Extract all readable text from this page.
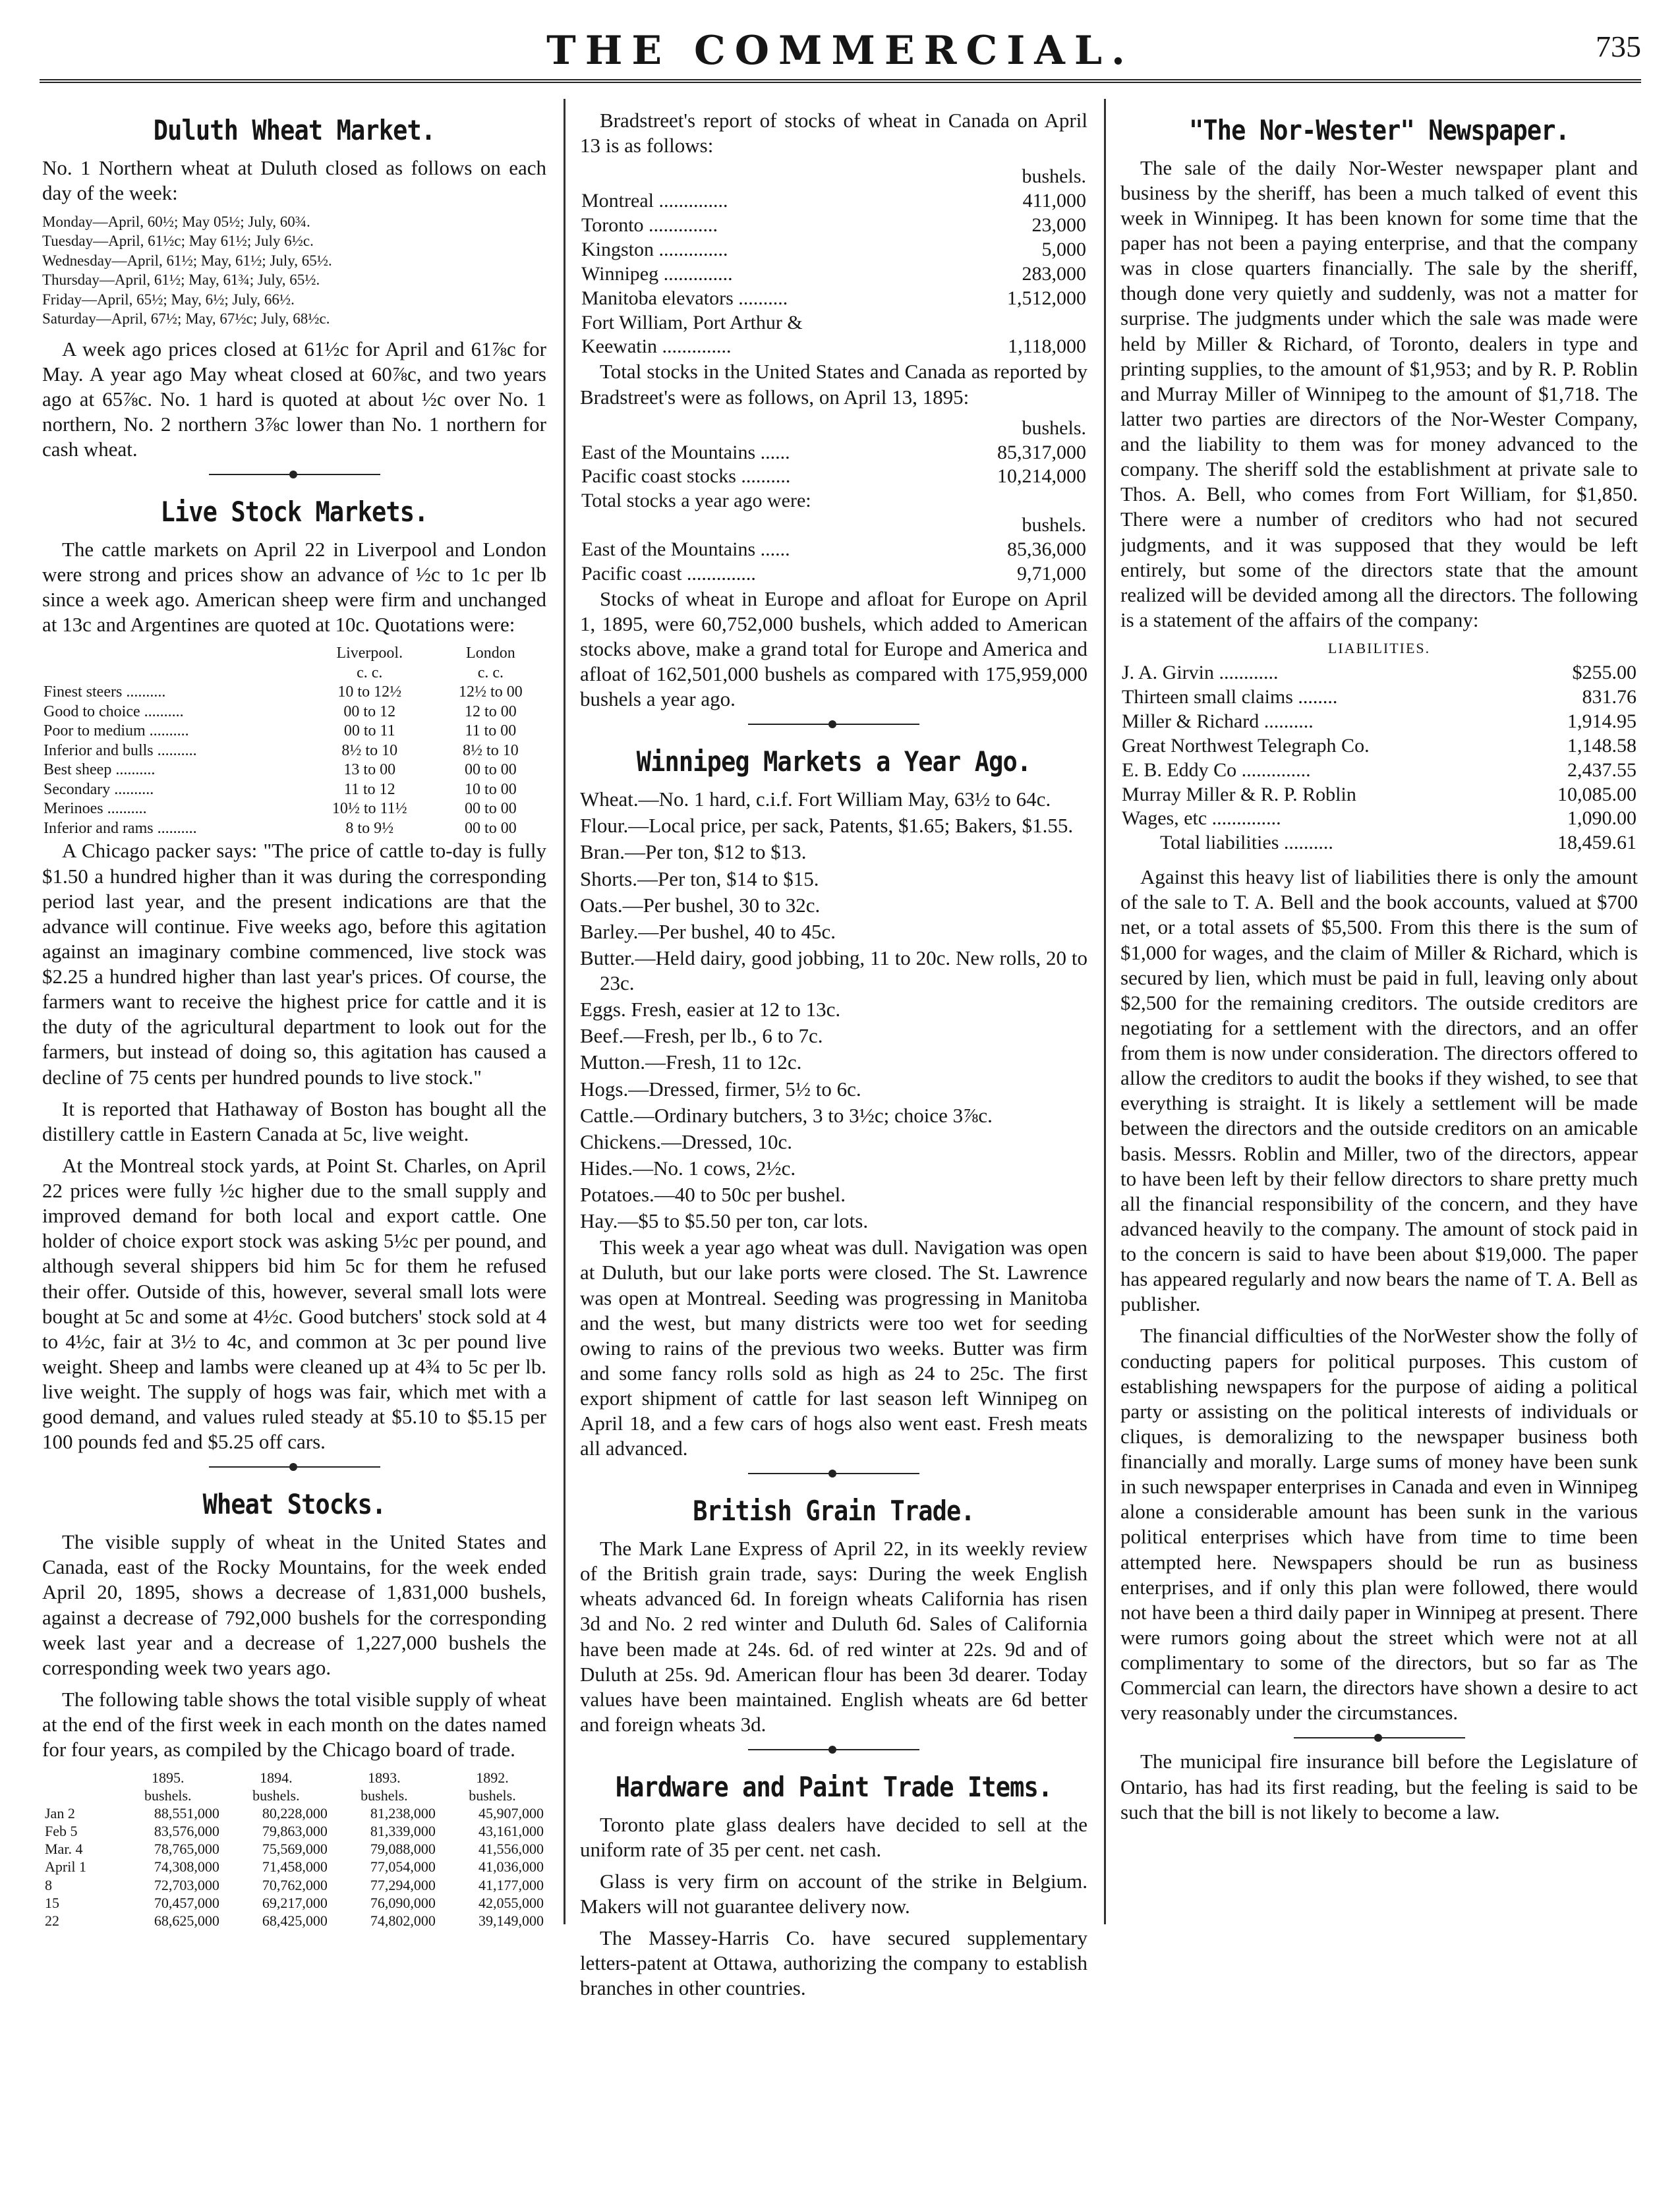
THE COMMERCIAL.	735
Duluth Wheat Market.

No. 1 Northern wheat at Duluth closed as follows on each day of the week:

Monday—April, 60½; May 05½; July, 60¾.
Tuesday—April, 61½c; May 61½; July 6½c.
Wednesday—April, 61½; May, 61½; July, 65½.
Thursday—April, 61½; May, 61¾; July, 65½.
Friday—April, 65½; May, 6½; July, 66½.
Saturday—April, 67½; May, 67½c; July, 68½c.

A week ago prices closed at 61½c for April and 61⅞c for May. A year ago May wheat closed at 60⅞c, and two years ago at 65⅞c. No. 1 hard is quoted at about ½c over No. 1 northern, No. 2 northern 3⅞c lower than No. 1 northern for cash wheat.

Live Stock Markets.

The cattle markets on April 22 in Liverpool and London were strong and prices show an advance of ½c to 1c per lb since a week ago. American sheep were firm and unchanged at 13c and Argentines are quoted at 10c. Quotations were:

	Liverpool.	London
	c. c.	c. c.
Finest steers ..........	10 to 12½	12½ to 00
Good to choice ..........	00 to 12	12 to 00
Poor to medium ..........	00 to 11	11 to 00
Inferior and bulls ..........	8½ to 10	8½ to 10
Best sheep ..........	13 to 00	00 to 00
Secondary ..........	11 to 12	10 to 00
Merinoes ..........	10½ to 11½	00 to 00
Inferior and rams ..........	8 to 9½	00 to 00

A Chicago packer says: "The price of cattle to-day is fully $1.50 a hundred higher than it was during the corresponding period last year, and the present indications are that the advance will continue. Five weeks ago, before this agitation against an imaginary combine commenced, live stock was $2.25 a hundred higher than last year's prices. Of course, the farmers want to receive the highest price for cattle and it is the duty of the agricultural department to look out for the farmers, but instead of doing so, this agitation has caused a decline of 75 cents per hundred pounds to live stock."

It is reported that Hathaway of Boston has bought all the distillery cattle in Eastern Canada at 5c, live weight.

At the Montreal stock yards, at Point St. Charles, on April 22 prices were fully ½c higher due to the small supply and improved demand for both local and export cattle. One holder of choice export stock was asking 5½c per pound, and although several shippers bid him 5c for them he refused their offer. Outside of this, however, several small lots were bought at 5c and some at 4½c. Good butchers' stock sold at 4 to 4½c, fair at 3½ to 4c, and common at 3c per pound live weight. Sheep and lambs were cleaned up at 4¾ to 5c per lb. live weight. The supply of hogs was fair, which met with a good demand, and values ruled steady at $5.10 to $5.15 per 100 pounds fed and $5.25 off cars.

Wheat Stocks.

The visible supply of wheat in the United States and Canada, east of the Rocky Mountains, for the week ended April 20, 1895, shows a decrease of 1,831,000 bushels, against a decrease of 792,000 bushels for the corresponding week last year and a decrease of 1,227,000 bushels the corresponding week two years ago.

The following table shows the total visible supply of wheat at the end of the first week in each month on the dates named for four years, as compiled by the Chicago board of trade.

	1895.	1894.	1893.	1892.
	bushels.	bushels.	bushels.	bushels.
Jan 2	88,551,000	80,228,000	81,238,000	45,907,000
Feb 5	83,576,000	79,863,000	81,339,000	43,161,000
Mar. 4	78,765,000	75,569,000	79,088,000	41,556,000
April 1	74,308,000	71,458,000	77,054,000	41,036,000
8	72,703,000	70,762,000	77,294,000	41,177,000
15	70,457,000	69,217,000	76,090,000	42,055,000
22	68,625,000	68,425,000	74,802,000	39,149,000

Bradstreet's report of stocks of wheat in Canada on April 13 is as follows:

	bushels.
Montreal ..............	411,000
Toronto ..............	23,000
Kingston ..............	5,000
Winnipeg ..............	283,000
Manitoba elevators ..........	1,512,000
Fort William, Port Arthur &	
Keewatin ..............	1,118,000

Total stocks in the United States and Canada as reported by Bradstreet's were as follows, on April 13, 1895:

	bushels.
East of the Mountains ......	85,317,000
Pacific coast stocks ..........	10,214,000
Total stocks a year ago were:	
	bushels.
East of the Mountains ......	85,36,000
Pacific coast ..............	9,71,000

Stocks of wheat in Europe and afloat for Europe on April 1, 1895, were 60,752,000 bushels, which added to American stocks above, make a grand total for Europe and America and afloat of 162,501,000 bushels as compared with 175,959,000 bushels a year ago.

Winnipeg Markets a Year Ago.

Wheat.—No. 1 hard, c.i.f. Fort William May, 63½ to 64c.

Flour.—Local price, per sack, Patents, $1.65; Bakers, $1.55.

Bran.—Per ton, $12 to $13.

Shorts.—Per ton, $14 to $15.

Oats.—Per bushel, 30 to 32c.

Barley.—Per bushel, 40 to 45c.

Butter.—Held dairy, good jobbing, 11 to 20c. New rolls, 20 to 23c.

Eggs. Fresh, easier at 12 to 13c.

Beef.—Fresh, per lb., 6 to 7c.

Mutton.—Fresh, 11 to 12c.

Hogs.—Dressed, firmer, 5½ to 6c.

Cattle.—Ordinary butchers, 3 to 3½c; choice 3⅞c.

Chickens.—Dressed, 10c.

Hides.—No. 1 cows, 2½c.

Potatoes.—40 to 50c per bushel.

Hay.—$5 to $5.50 per ton, car lots.

This week a year ago wheat was dull. Navigation was open at Duluth, but our lake ports were closed. The St. Lawrence was open at Montreal. Seeding was progressing in Manitoba and the west, but many districts were too wet for seeding owing to rains of the previous two weeks. Butter was firm and some fancy rolls sold as high as 24 to 25c. The first export shipment of cattle for last season left Winnipeg on April 18, and a few cars of hogs also went east. Fresh meats all advanced.

British Grain Trade.

The Mark Lane Express of April 22, in its weekly review of the British grain trade, says: During the week English wheats advanced 6d. In foreign wheats California has risen 3d and No. 2 red winter and Duluth 6d. Sales of California have been made at 24s. 6d. of red winter at 22s. 9d and of Duluth at 25s. 9d. American flour has been 3d dearer. Today values have been maintained. English wheats are 6d better and foreign wheats 3d.

Hardware and Paint Trade Items.

Toronto plate glass dealers have decided to sell at the uniform rate of 35 per cent. net cash.

Glass is very firm on account of the strike in Belgium. Makers will not guarantee delivery now.

The Massey-Harris Co. have secured supplementary letters-patent at Ottawa, authorizing the company to establish branches in other countries.

"The Nor-Wester" Newspaper.

The sale of the daily Nor-Wester newspaper plant and business by the sheriff, has been a much talked of event this week in Winnipeg. It has been known for some time that the paper has not been a paying enterprise, and that the company was in close quarters financially. The sale by the sheriff, though done very quietly and suddenly, was not a matter for surprise. The judgments under which the sale was made were held by Miller & Richard, of Toronto, dealers in type and printing supplies, to the amount of $1,953; and by R. P. Roblin and Murray Miller of Winnipeg to the amount of $1,718. The latter two parties are directors of the Nor-Wester Company, and the liability to them was for money advanced to the company. The sheriff sold the establishment at private sale to Thos. A. Bell, who comes from Fort William, for $1,850. There were a number of creditors who had not secured judgments, and it was supposed that they would be left entirely, but some of the directors state that the amount realized will be devided among all the directors. The following is a statement of the affairs of the company:

LIABILITIES.
J. A. Girvin ............	$255.00
Thirteen small claims ........	831.76
Miller & Richard ..........	1,914.95
Great Northwest Telegraph Co.	1,148.58
E. B. Eddy Co ..............	2,437.55
Murray Miller & R. P. Roblin	10,085.00
Wages, etc ..............	1,090.00
Total liabilities ..........	18,459.61

Against this heavy list of liabilities there is only the amount of the sale to T. A. Bell and the book accounts, valued at $700 net, or a total assets of $5,500. From this there is the sum of $1,000 for wages, and the claim of Miller & Richard, which is secured by lien, which must be paid in full, leaving only about $2,500 for the remaining creditors. The outside creditors are negotiating for a settlement with the directors, and an offer from them is now under consideration. The directors offered to allow the creditors to audit the books if they wished, to see that everything is straight. It is likely a settlement will be made between the directors and the outside creditors on an amicable basis. Messrs. Roblin and Miller, two of the directors, appear to have been left by their fellow directors to share pretty much all the financial responsibility of the concern, and they have advanced heavily to the company. The amount of stock paid in to the concern is said to have been about $19,000. The paper has appeared regularly and now bears the name of T. A. Bell as publisher.

The financial difficulties of the NorWester show the folly of conducting papers for political purposes. This custom of establishing newspapers for the purpose of aiding a political party or assisting on the political interests of individuals or cliques, is demoralizing to the newspaper business both financially and morally. Large sums of money have been sunk in such newspaper enterprises in Canada and even in Winnipeg alone a considerable amount has been sunk in the various political enterprises which have from time to time been attempted here. Newspapers should be run as business enterprises, and if only this plan were followed, there would not have been a third daily paper in Winnipeg at present. There were rumors going about the street which were not at all complimentary to some of the directors, but so far as The Commercial can learn, the directors have shown a desire to act very reasonably under the circumstances.

The municipal fire insurance bill before the Legislature of Ontario, has had its first reading, but the feeling is said to be such that the bill is not likely to become a law.
